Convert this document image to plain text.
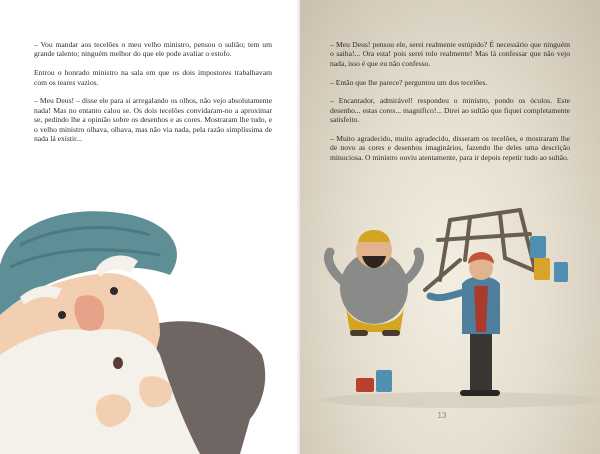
– Vou mandar aos tecelões o meu velho ministro, pensou o sultão; tem um grande talento; ninguém melhor do que ele pode avaliar o estofo.

Entrou o honrado ministro na sala em que os dois impostores trabalhavam com os teares vazios.

– Meu Deus! – disse ele para si arregalando os olhos, não vejo absolutamente nada! Mas no entanto calou se. Os dois tecelões convidaram-no a aproximar se, pedindo lhe a opinião sobre os desenhos e as cores. Mostraram lhe tudo, e o velho ministro olhava, olhava, mas não via nada, pela razão simplíssima de nada lá existir...

– Meu Deus! pensou ele, serei realmente estúpido? É necessário que ninguém o saiba!... Ora esta! pois serei tolo realmente! Mas lá confessar que não vejo nada, isso é que eu não confesso.

– Então que lhe parece? perguntou um dos tecelões.

– Encantador, admirável! respondeu o ministro, pondo os óculos. Este desenho... estas cores... magnífico!... Direi ao sultão que fiquei completamente satisfeito.

– Muito agradecido, muito agradecido, disseram os tecelões, e mostraram lhe de novo as cores e desenhos imaginários, fazendo lhe deles uma descrição minuciosa. O ministro ouviu atentamente, para ir depois repetir tudo ao sultão.

13
